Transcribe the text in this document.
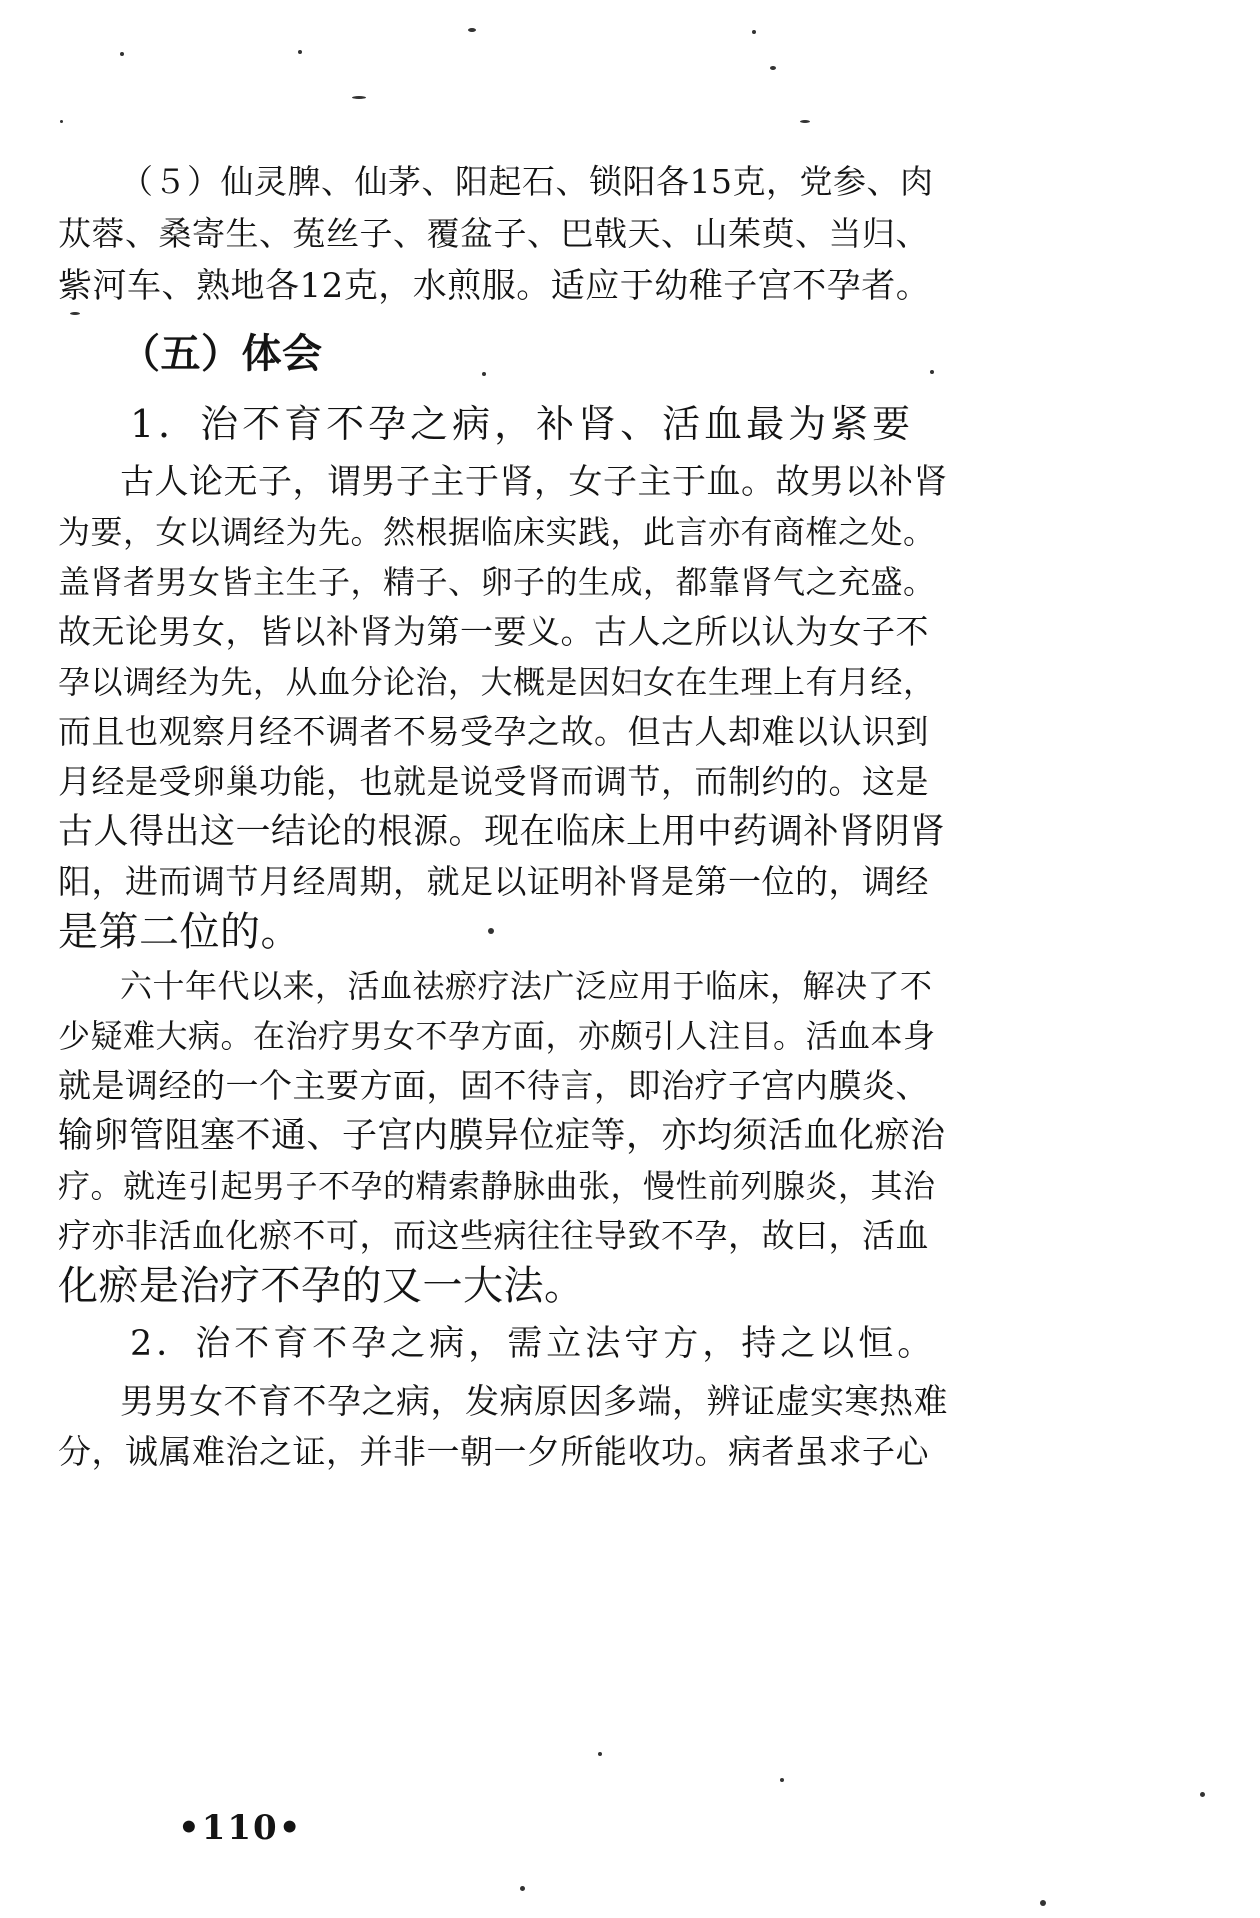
（５）仙灵脾、仙茅、阳起石、锁阳各15克，党参、肉

苁蓉、桑寄生、菟丝子、覆盆子、巴戟天、山茱萸、当归、

紫河车、熟地各12克，水煎服。适应于幼稚子宫不孕者。

（五）体会

1．治不育不孕之病，补肾、活血最为紧要

古人论无子，谓男子主于肾，女子主于血。故男以补肾

为要，女以调经为先。然根据临床实践，此言亦有商榷之处。

盖肾者男女皆主生子，精子、卵子的生成，都靠肾气之充盛。

故无论男女，皆以补肾为第一要义。古人之所以认为女子不

孕以调经为先，从血分论治，大概是因妇女在生理上有月经，

而且也观察月经不调者不易受孕之故。但古人却难以认识到

月经是受卵巢功能，也就是说受肾而调节，而制约的。这是

古人得出这一结论的根源。现在临床上用中药调补肾阴肾

阳，进而调节月经周期，就足以证明补肾是第一位的，调经

是第二位的。

六十年代以来，活血祛瘀疗法广泛应用于临床，解决了不

少疑难大病。在治疗男女不孕方面，亦颇引人注目。活血本身

就是调经的一个主要方面，固不待言，即治疗子宫内膜炎、

输卵管阻塞不通、子宫内膜异位症等，亦均须活血化瘀治

疗。就连引起男子不孕的精索静脉曲张，慢性前列腺炎，其治

疗亦非活血化瘀不可，而这些病往往导致不孕，故曰，活血

化瘀是治疗不孕的又一大法。

2．治不育不孕之病，需立法守方，持之以恒。

男男女不育不孕之病，发病原因多端，辨证虚实寒热难

分，诚属难治之证，并非一朝一夕所能收功。病者虽求子心

•110•
